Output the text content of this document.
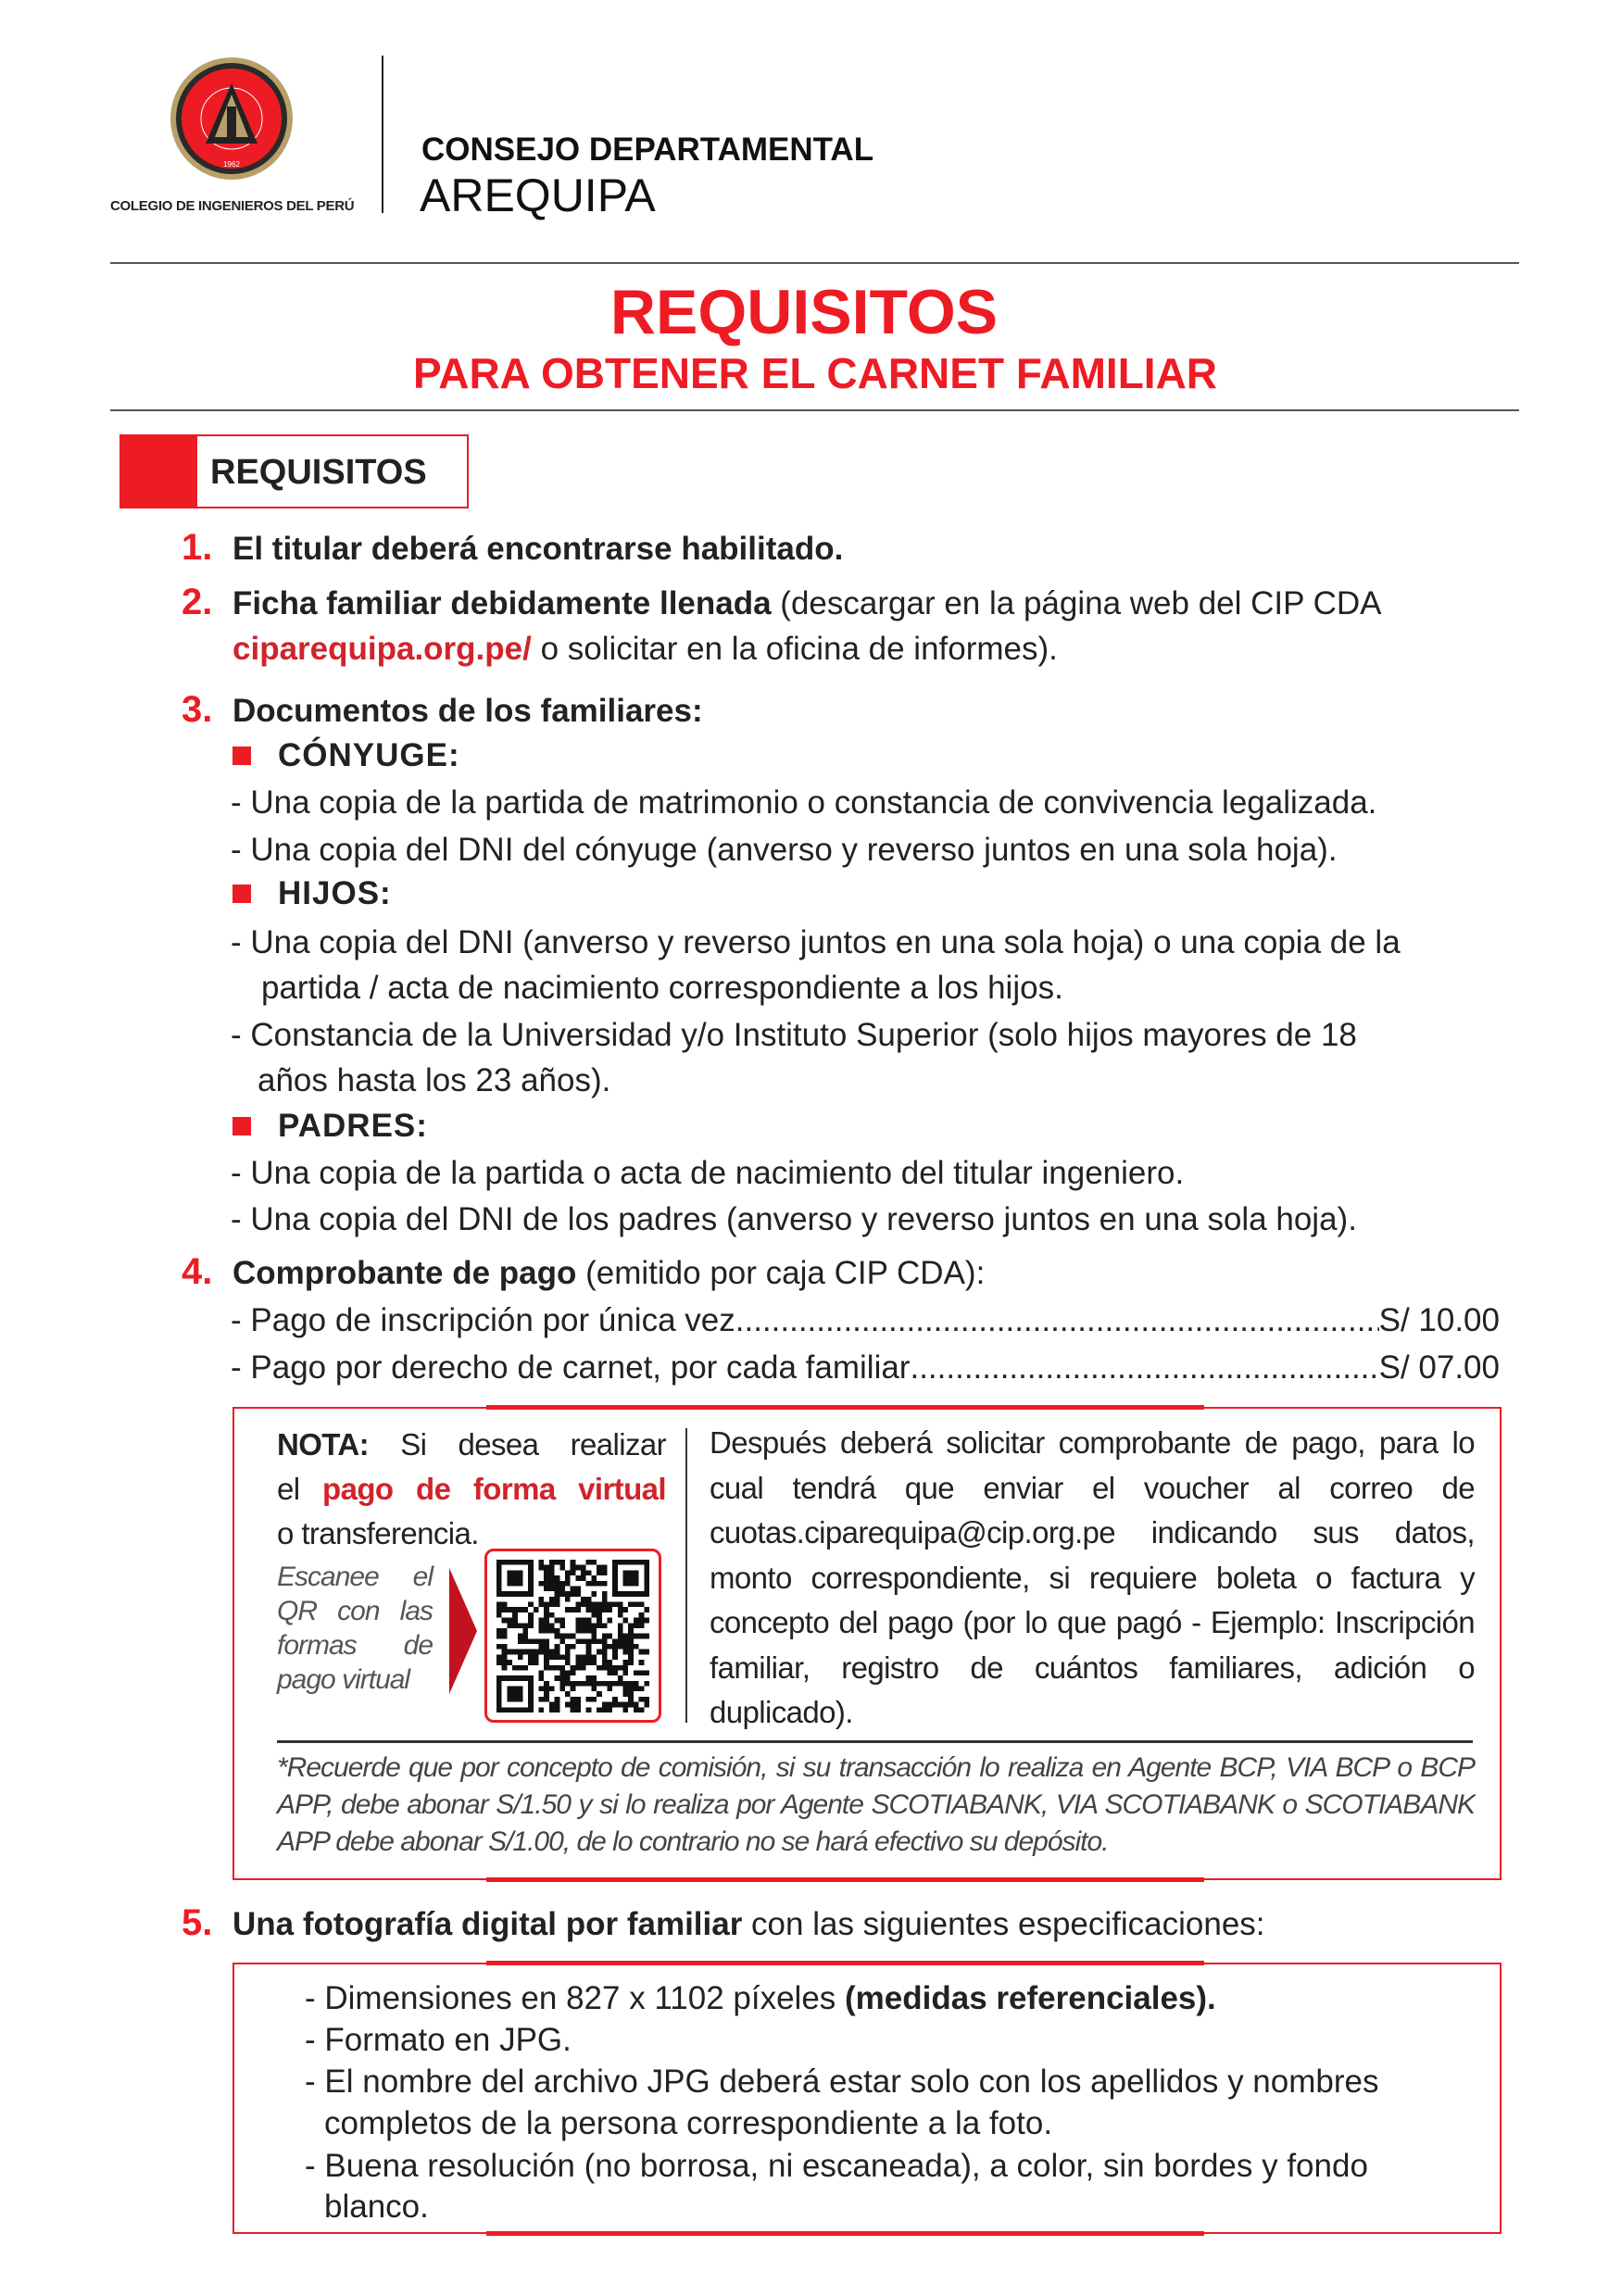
1962
COLEGIO DE INGENIEROS DEL PERÚ
CONSEJO DEPARTAMENTAL
AREQUIPA
REQUISITOS
PARA OBTENER EL CARNET FAMILIAR
REQUISITOS
1. El titular deberá encontrarse habilitado.
2. Ficha familiar debidamente llenada (descargar en la página web del CIP CDA
ciparequipa.org.pe/ o solicitar en la oficina de informes).
3. Documentos de los familiares:
CÓNYUGE:
- Una copia de la partida de matrimonio o constancia de convivencia legalizada.
- Una copia del DNI del cónyuge (anverso y reverso juntos en una sola hoja).
HIJOS:
- Una copia del DNI (anverso y reverso juntos en una sola hoja) o una copia de la
partida / acta de nacimiento correspondiente a los hijos.
- Constancia de la Universidad y/o Instituto Superior (solo hijos mayores de 18
años hasta los 23 años).
PADRES:
- Una copia de la partida o acta de nacimiento del titular ingeniero.
- Una copia del DNI de los padres (anverso y reverso juntos en una sola hoja).
4. Comprobante de pago (emitido por caja CIP CDA):
- Pago de inscripción por única vez .....	S/ 10.00
- Pago por derecho de carnet, por cada familiar .....	S/ 07.00
NOTA: Si desea realizar
el pago de forma virtual
o transferencia.
Escanee el QR con las formas de pago virtual
Después deberá solicitar comprobante de pago, para lo cual tendrá que enviar el voucher al correo de cuotas.ciparequipa@cip.org.pe indicando sus datos, monto correspondiente, si requiere boleta o factura y concepto del pago (por lo que pagó - Ejemplo: Inscripción familiar, registro de cuántos familiares, adición o duplicado).
*Recuerde que por concepto de comisión, si su transacción lo realiza en Agente BCP, VIA BCP o BCP APP, debe abonar S/1.50 y si lo realiza por Agente SCOTIABANK, VIA SCOTIABANK o SCOTIABANK APP debe abonar S/1.00, de lo contrario no se hará efectivo su depósito.
5. Una fotografía digital por familiar con las siguientes especificaciones:
- Dimensiones en 827 x 1102 píxeles (medidas referenciales).
- Formato en JPG.
- El nombre del archivo JPG deberá estar solo con los apellidos y nombres
completos de la persona correspondiente a la foto.
- Buena resolución (no borrosa, ni escaneada), a color, sin bordes y fondo
blanco.
